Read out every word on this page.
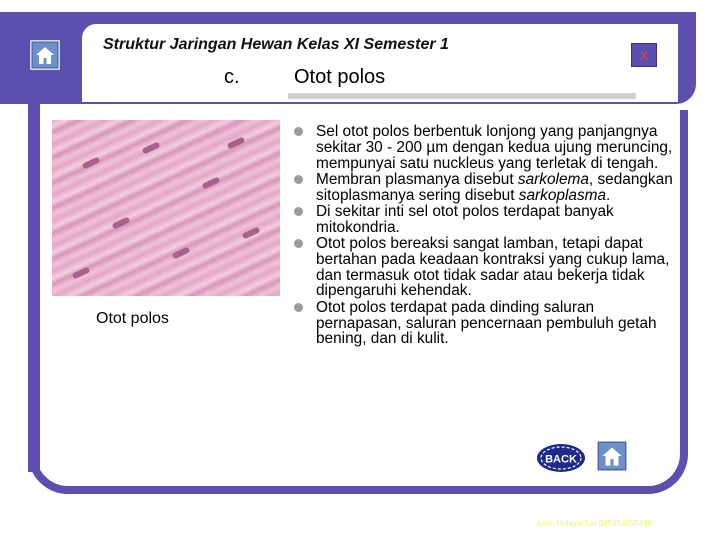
Struktur Jaringan Hewan Kelas XI Semester 1
X
c.	Otot polos
Otot polos
Sel otot polos berbentuk lonjong yang panjangnya sekitar 30 - 200 µm dengan kedua ujung meruncing, mempunyai satu nuckleus yang terletak di tengah.
Membran plasmanya disebut sarkolema, sedangkan sitoplasmanya sering disebut sarkoplasma.
Di sekitar inti sel otot polos terdapat banyak mitokondria.
Otot polos bereaksi sangat lamban, tetapi dapat bertahan pada keadaan kontraksi yang cukup lama, dan termasuk otot tidak sadar atau bekerja tidak dipengaruhi kehendak.
Otot polos terdapat pada dinding saluran pernapasan, saluran pencernaan pembuluh getah bening, dan di kulit.
BACK
Amin Hidayat.bio 085654855488
